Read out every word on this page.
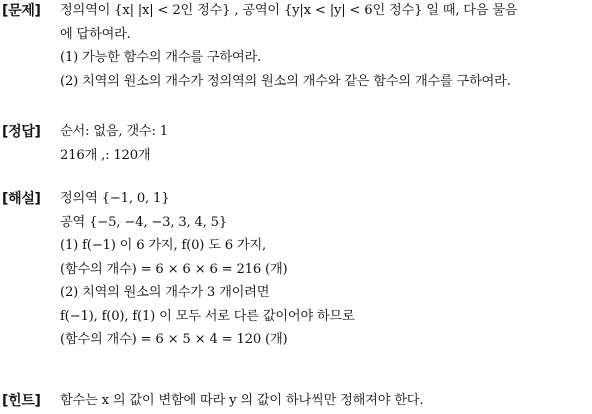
[문제] 정의역이 {x| |x| < 2인 정수} , 공역이 {y|x < |y| < 6인 정수} 일 때, 다음 물음
에 답하여라.
(1) 가능한 함수의 개수를 구하여라.
(2) 치역의 원소의 개수가 정의역의 원소의 개수와 같은 함수의 개수를 구하여라.
[정답] 순서: 없음, 갯수: 1
216개 ,: 120개
[해설] 정의역 {−1, 0, 1}
공역 {−5, −4, −3, 3, 4, 5}
(1) f(−1) 이 6 가지, f(0) 도 6 가지,
(함수의 개수) = 6 × 6 × 6 = 216 (개)
(2) 치역의 원소의 개수가 3 개이려면
f(−1), f(0), f(1) 이 모두 서로 다른 값이어야 하므로
(함수의 개수) = 6 × 5 × 4 = 120 (개)
[힌트] 함수는 x 의 값이 변함에 따라 y 의 값이 하나씩만 정해져야 한다.
